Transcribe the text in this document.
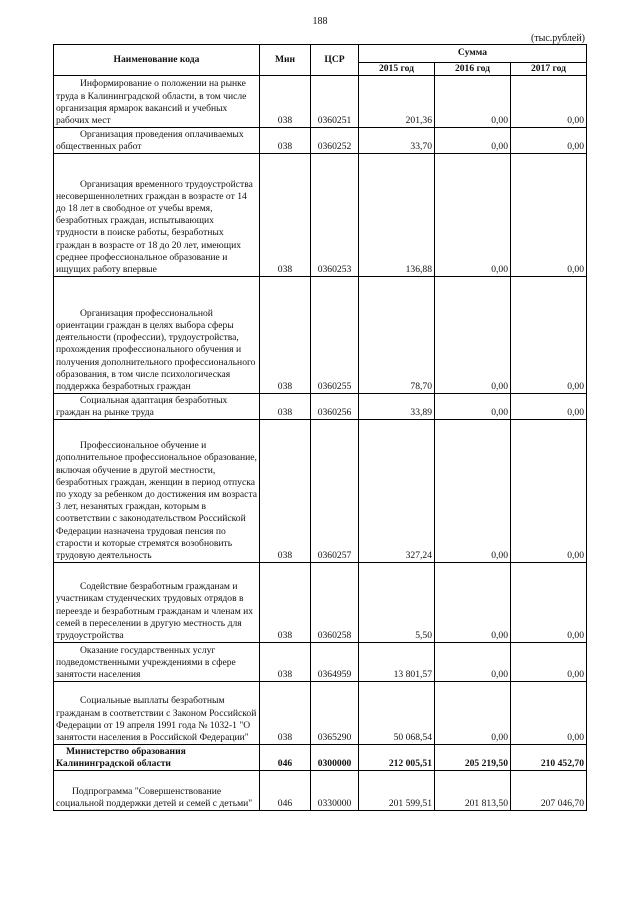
188
(тыс.рублей)
Наименование кода	Мин	ЦСР	Сумма		
			2015 год	2016 год	2017 год

Информирование о положении на рынке труда в Калининградской области, в том числе организация ярмарок вакансий и учебных рабочих мест	038	0360251	201,36	0,00	0,00

Организация проведения оплачиваемых общественных работ	038	0360252	33,70	0,00	0,00

Организация временного трудоустройства несовершеннолетних граждан в возрасте от 14 до 18 лет в свободное от учебы время, безработных граждан, испытывающих трудности в поиске работы, безработных граждан в возрасте от 18 до 20 лет, имеющих среднее профессиональное образование и ищущих работу впервые	038	0360253	136,88	0,00	0,00

Организация профессиональной ориентации граждан в целях выбора сферы деятельности (профессии), трудоустройства, прохождения профессионального обучения и получения дополнительного профессионального образования, в том числе психологическая поддержка безработных граждан	038	0360255	78,70	0,00	0,00

Социальная адаптация безработных граждан на рынке труда	038	0360256	33,89	0,00	0,00

Профессиональное обучение и дополнительное профессиональное образование, включая обучение в другой местности, безработных граждан, женщин в период отпуска по уходу за ребенком до достижения им возраста 3 лет, незанятых граждан, которым в соответствии с законодательством Российской Федерации назначена трудовая пенсия по старости и которые стремятся возобновить трудовую деятельность	038	0360257	327,24	0,00	0,00

Содействие безработным гражданам и участникам студенческих трудовых отрядов в переезде и безработным гражданам и членам их семей в переселении в другую местность для трудоустройства	038	0360258	5,50	0,00	0,00

Оказание государственных услуг подведомственными учреждениями в сфере занятости населения	038	0364959	13 801,57	0,00	0,00

Социальные выплаты безработным гражданам в соответствии с Законом Российской Федерации от 19 апреля 1991 года № 1032-1 "О занятости населения в Российской Федерации"	038	0365290	50 068,54	0,00	0,00

Министерство образования Калининградской области	046	0300000	212 005,51	205 219,50	210 452,70

Подпрограмма "Совершенствование социальной поддержки детей и семей с детьми"	046	0330000	201 599,51	201 813,50	207 046,70
